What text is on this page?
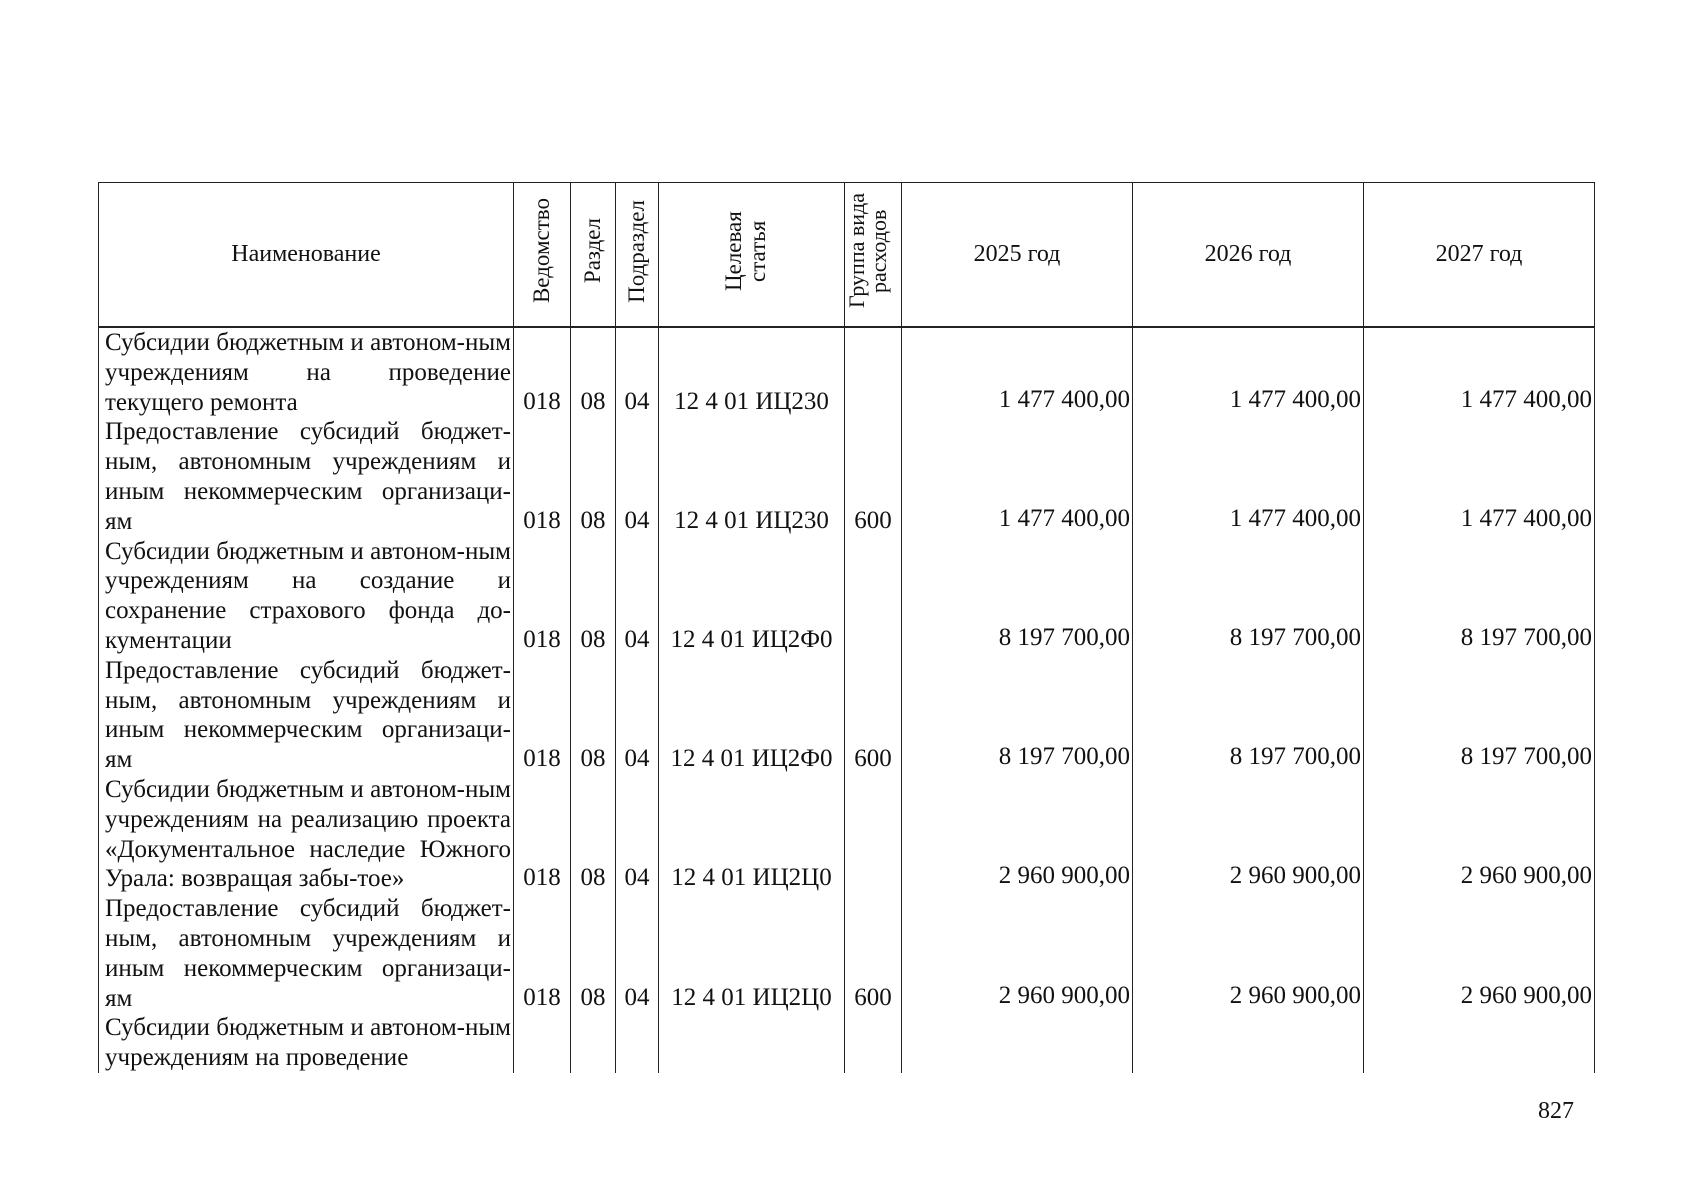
Наименование	Ведомство	Раздел	Подраздел	Целевая статья	Группа вида расходов	2025 год	2026 год	2027 год
Субсидии бюджетным и автоном-ным учреждениям на проведение текущего ремонта	018	08	04	12 4 01 ИЦ230		1 477 400,00	1 477 400,00	1 477 400,00
Предоставление субсидий бюджет-ным, автономным учреждениям и иным некоммерческим организаци-ям	018	08	04	12 4 01 ИЦ230	600	1 477 400,00	1 477 400,00	1 477 400,00
Субсидии бюджетным и автоном-ным учреждениям на создание и сохранение страхового фонда до-кументации	018	08	04	12 4 01 ИЦ2Ф0		8 197 700,00	8 197 700,00	8 197 700,00
Предоставление субсидий бюджет-ным, автономным учреждениям и иным некоммерческим организаци-ям	018	08	04	12 4 01 ИЦ2Ф0	600	8 197 700,00	8 197 700,00	8 197 700,00
Субсидии бюджетным и автоном-ным учреждениям на реализацию проекта «Документальное наследие Южного Урала: возвращая забы-тое»	018	08	04	12 4 01 ИЦ2Ц0		2 960 900,00	2 960 900,00	2 960 900,00
Предоставление субсидий бюджет-ным, автономным учреждениям и иным некоммерческим организаци-ям	018	08	04	12 4 01 ИЦ2Ц0	600	2 960 900,00	2 960 900,00	2 960 900,00
Субсидии бюджетным и автоном-ным учреждениям на проведение								
827
